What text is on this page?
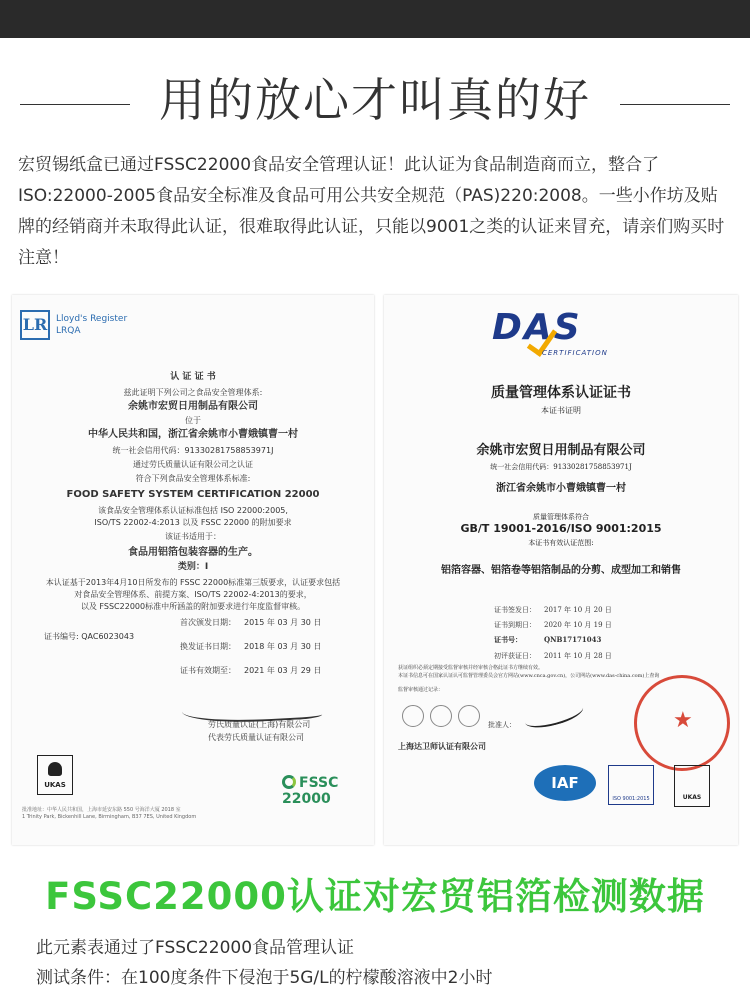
用的放心才叫真的好
宏贸锡纸盒已通过FSSC22000食品安全管理认证！此认证为食品制造商而立，整合了ISO:22000-2005食品安全标准及食品可用公共安全规范（PAS)220:2008。一些小作坊及贴牌的经销商并未取得此认证，很难取得此认证，只能以9001之类的认证来冒充，请亲们购买时注意！
LR Lloyd's Register
LRQA
认 证 证 书
兹此证明下列公司之食品安全管理体系:
余姚市宏贸日用制品有限公司
位于
中华人民共和国，浙江省余姚市小曹娥镇曹一村
统一社会信用代码：91330281758853971J
通过劳氏质量认证有限公司之认证
符合下列食品安全管理体系标准:
FOOD SAFETY SYSTEM CERTIFICATION 22000
该食品安全管理体系认证标准包括 ISO 22000:2005,
ISO/TS 22002-4:2013 以及 FSSC 22000 的附加要求
该证书适用于：
食品用铝箔包装容器的生产。
类别：I
本认证基于2013年4月10日所发布的 FSSC 22000标准第三版要求，认证要求包括
对食品安全管理体系、前提方案、ISO/TS 22002-4:2013的要求，
以及 FSSC22000标准中所涵盖的附加要求进行年度监督审核。
首次颁发日期： 2015 年 03 月 30 日
证书编号: QAC6023043
换发证书日期： 2018 年 03 月 30 日
证书有效期至： 2021 年 03 月 29 日
劳氏质量认证(上海)有限公司
代表劳氏质量认证有限公司
UKAS	FSSC 22000
批准地址：中华人民共和国，上海市延安东路 550 号海洋大厦 2018 室
1 Trinity Park, Bickenhill Lane, Birmingham, B37 7ES, United Kingdom
DAS
CERTIFICATION
质量管理体系认证证书
本证书证明
余姚市宏贸日用制品有限公司
统一社会信用代码：91330281758853971J
浙江省余姚市小曹娥镇曹一村
质量管理体系符合
GB/T 19001-2016/ISO 9001:2015
本证书有效认证范围:
铝箔容器、铝箔卷等铝箔制品的分剪、成型加工和销售
证书签发日： 2017 年 10 月 20 日
证书到期日： 2020 年 10 月 19 日
证书号：	QNB17171043
初评获证日： 2011 年 10 月 28 日
获证组织必须定期接受监督审核并经审核合格此证书方继续有效。
本证书信息可在国家认证认可监督管理委员会官方网站(www.cnca.gov.cn)，公司网站(www.das-china.com)上查询
监督审核通过记录：
批准人：	★
上海达卫师认证有限公司
IAF
ISO 9001:2015	UKAS
FSSC22000认证对宏贸铝箔检测数据
此元素表通过了FSSC22000食品管理认证
测试条件：在100度条件下侵泡于5G/L的柠檬酸溶液中2小时
